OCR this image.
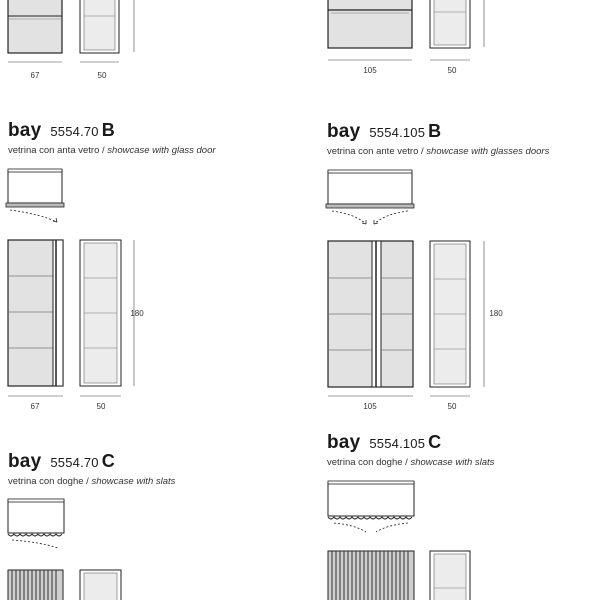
67	50
105	50
bay 5554.70 B
vetrina con anta vetro / showcase with glass door
180
67	50
bay 5554.105 B
vetrina con ante vetro / showcase with glasses doors
180
105	50
bay 5554.70 C
vetrina con doghe / showcase with slats
bay 5554.105 C
vetrina con doghe / showcase with slats
